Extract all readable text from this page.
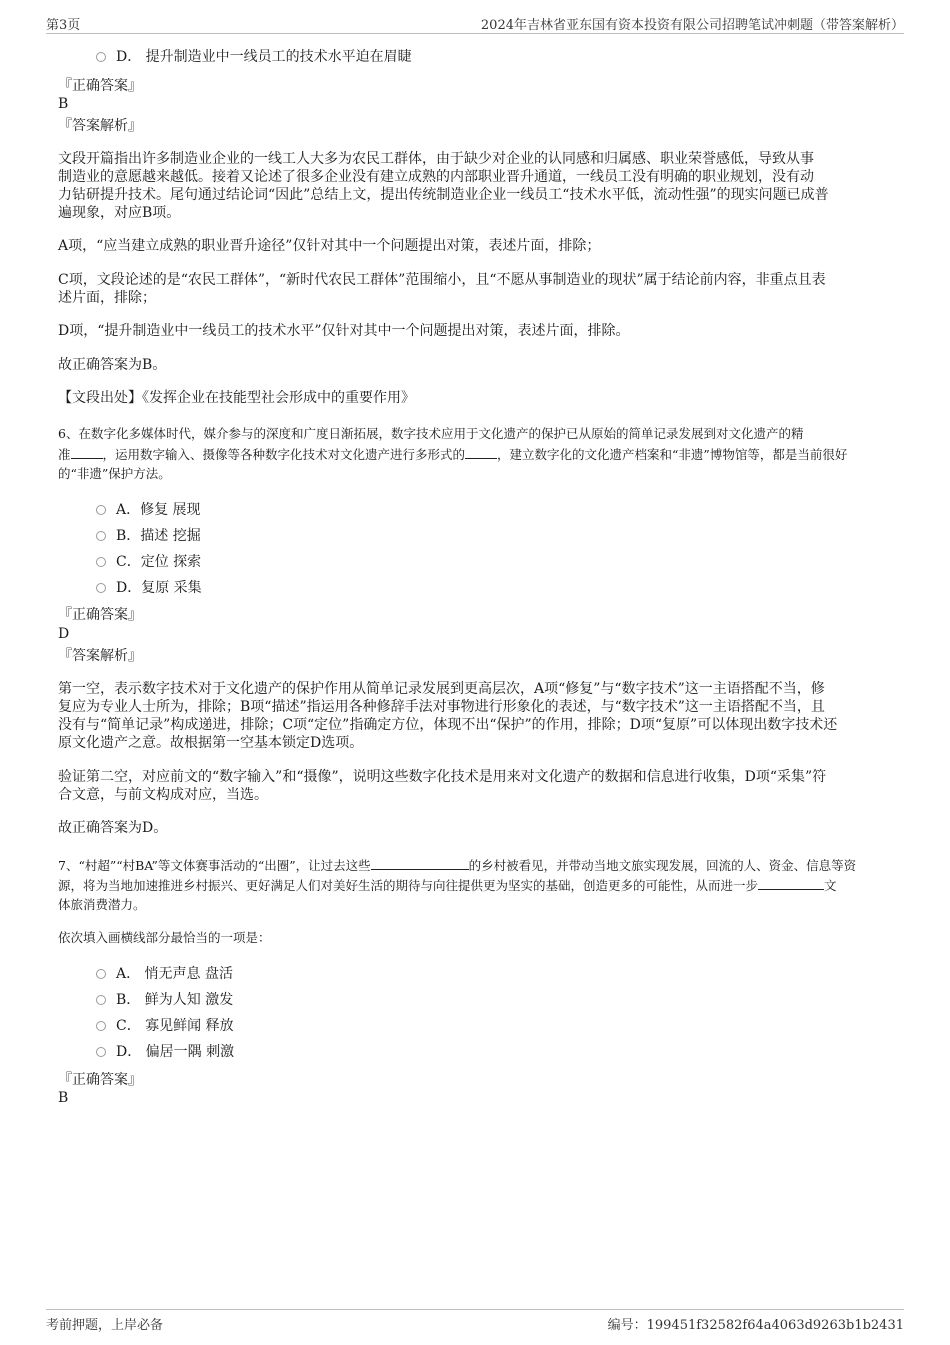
第3页	2024年吉林省亚东国有资本投资有限公司招聘笔试冲刺题（带答案解析）
D． 提升制造业中一线员工的技术水平迫在眉睫
『正确答案』
B
『答案解析』
文段开篇指出许多制造业企业的一线工人大多为农民工群体，由于缺少对企业的认同感和归属感、职业荣誉感低，导致从事
制造业的意愿越来越低。接着又论述了很多企业没有建立成熟的内部职业晋升通道，一线员工没有明确的职业规划，没有动
力钻研提升技术。尾句通过结论词“因此”总结上文，提出传统制造业企业一线员工“技术水平低，流动性强”的现实问题已成普
遍现象，对应B项。
A项，“应当建立成熟的职业晋升途径”仅针对其中一个问题提出对策，表述片面，排除；
C项，文段论述的是“农民工群体”，“新时代农民工群体”范围缩小，且“不愿从事制造业的现状”属于结论前内容，非重点且表
述片面，排除；
D项，“提升制造业中一线员工的技术水平”仅针对其中一个问题提出对策，表述片面，排除。
故正确答案为B。
【文段出处】《发挥企业在技能型社会形成中的重要作用》
6、在数字化多媒体时代，媒介参与的深度和广度日渐拓展，数字技术应用于文化遗产的保护已从原始的简单记录发展到对文化遗产的精
准	，运用数字输入、摄像等各种数字化技术对文化遗产进行多形式的	，建立数字化的文化遗产档案和“非遗”博物馆等，都是当前很好
的“非遗”保护方法。
A．修复 展现
B．描述 挖掘
C．定位 探索
D．复原 采集
『正确答案』
D
『答案解析』
第一空，表示数字技术对于文化遗产的保护作用从简单记录发展到更高层次，A项“修复”与“数字技术”这一主语搭配不当，修
复应为专业人士所为，排除；B项“描述”指运用各种修辞手法对事物进行形象化的表述，与“数字技术”这一主语搭配不当，且
没有与“简单记录”构成递进，排除；C项“定位”指确定方位，体现不出“保护”的作用，排除；D项“复原”可以体现出数字技术还
原文化遗产之意。故根据第一空基本锁定D选项。
验证第二空，对应前文的“数字输入”和“摄像”，说明这些数字化技术是用来对文化遗产的数据和信息进行收集，D项“采集”符
合文意，与前文构成对应，当选。
故正确答案为D。
7、“村超”“村BA”等文体赛事活动的“出圈”，让过去这些	的乡村被看见，并带动当地文旅实现发展，回流的人、资金、信息等资
源，将为当地加速推进乡村振兴、更好满足人们对美好生活的期待与向往提供更为坚实的基础，创造更多的可能性，从而进一步	文
体旅消费潜力。
依次填入画横线部分最恰当的一项是：
A． 悄无声息 盘活
B． 鲜为人知 激发
C． 寡见鲜闻 释放
D． 偏居一隅 刺激
『正确答案』
B
考前押题，上岸必备	编号：199451f32582f64a4063d9263b1b2431
